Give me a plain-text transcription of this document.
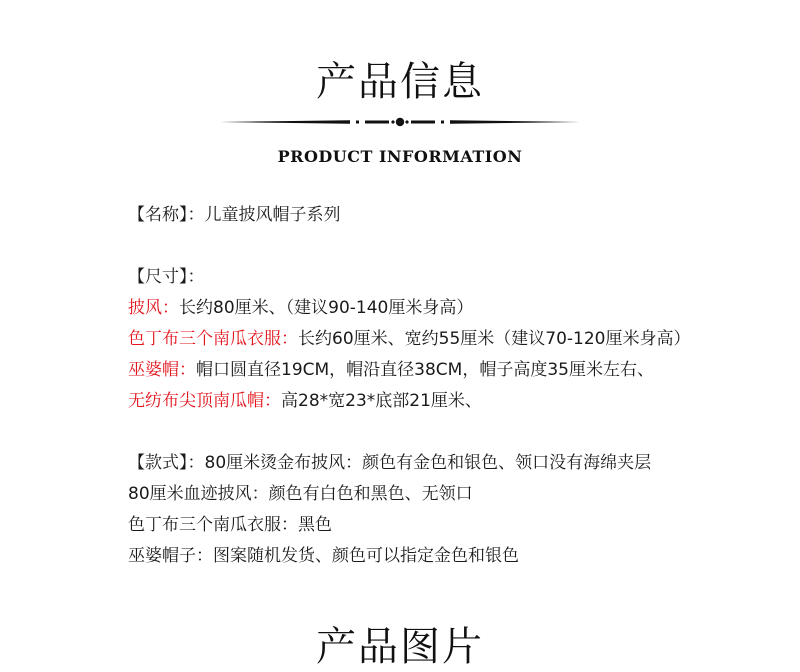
产品信息
PRODUCT INFORMATION
【名称】：儿童披风帽子系列
【尺寸】：
披风：长约80厘米、（建议90-140厘米身高）
色丁布三个南瓜衣服：长约60厘米、宽约55厘米（建议70-120厘米身高）
巫婆帽：帽口圆直径19CM，帽沿直径38CM，帽子高度35厘米左右、
无纺布尖顶南瓜帽：高28*宽23*底部21厘米、
【款式】：80厘米烫金布披风：颜色有金色和银色、领口没有海绵夹层
80厘米血迹披风：颜色有白色和黑色、无领口
色丁布三个南瓜衣服：黑色
巫婆帽子：图案随机发货、颜色可以指定金色和银色
产品图片
